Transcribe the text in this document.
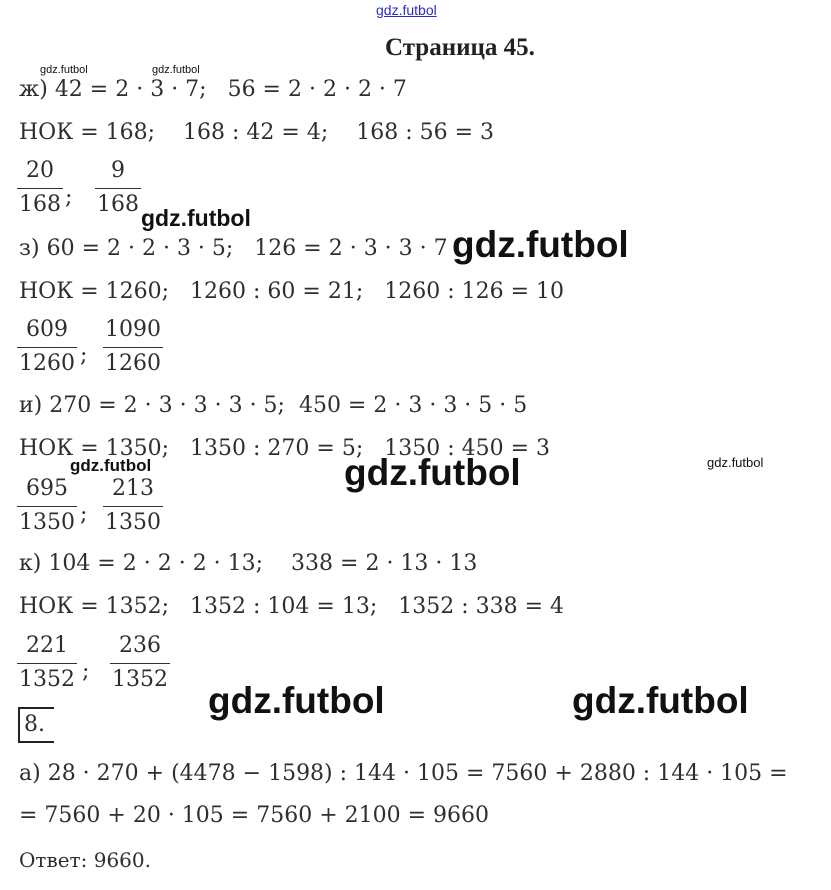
gdz.futbol
Страница 45.
gdz.futbol	gdz.futbol
ж) 42 = 2 · 3 · 7;   56 = 2 · 2 · 2 · 7
НОК = 168;    168 : 42 = 4;    168 : 56 = 3
20
168 ;
9
168
gdz.futbol
з) 60 = 2 · 2 · 3 · 5;   126 = 2 · 3 · 3 · 7 gdz.futbol
НОК = 1260;   1260 : 60 = 21;   1260 : 126 = 10
609
1260 ;
1090
1260
и) 270 = 2 · 3 · 3 · 3 · 5;  450 = 2 · 3 · 3 · 5 · 5
НОК = 1350;   1350 : 270 = 5;   1350 : 450 = 3
gdz.futbol	gdz.futbol	gdz.futbol
695
1350 ;
213
1350
к) 104 = 2 · 2 · 2 · 13;    338 = 2 · 13 · 13
НОК = 1352;   1352 : 104 = 13;   1352 : 338 = 4
221
1352 ;
236
1352
gdz.futbol	gdz.futbol
8.
а) 28 · 270 + (4478 − 1598) : 144 · 105 = 7560 + 2880 : 144 · 105 =
= 7560 + 20 · 105 = 7560 + 2100 = 9660
Ответ: 9660.
